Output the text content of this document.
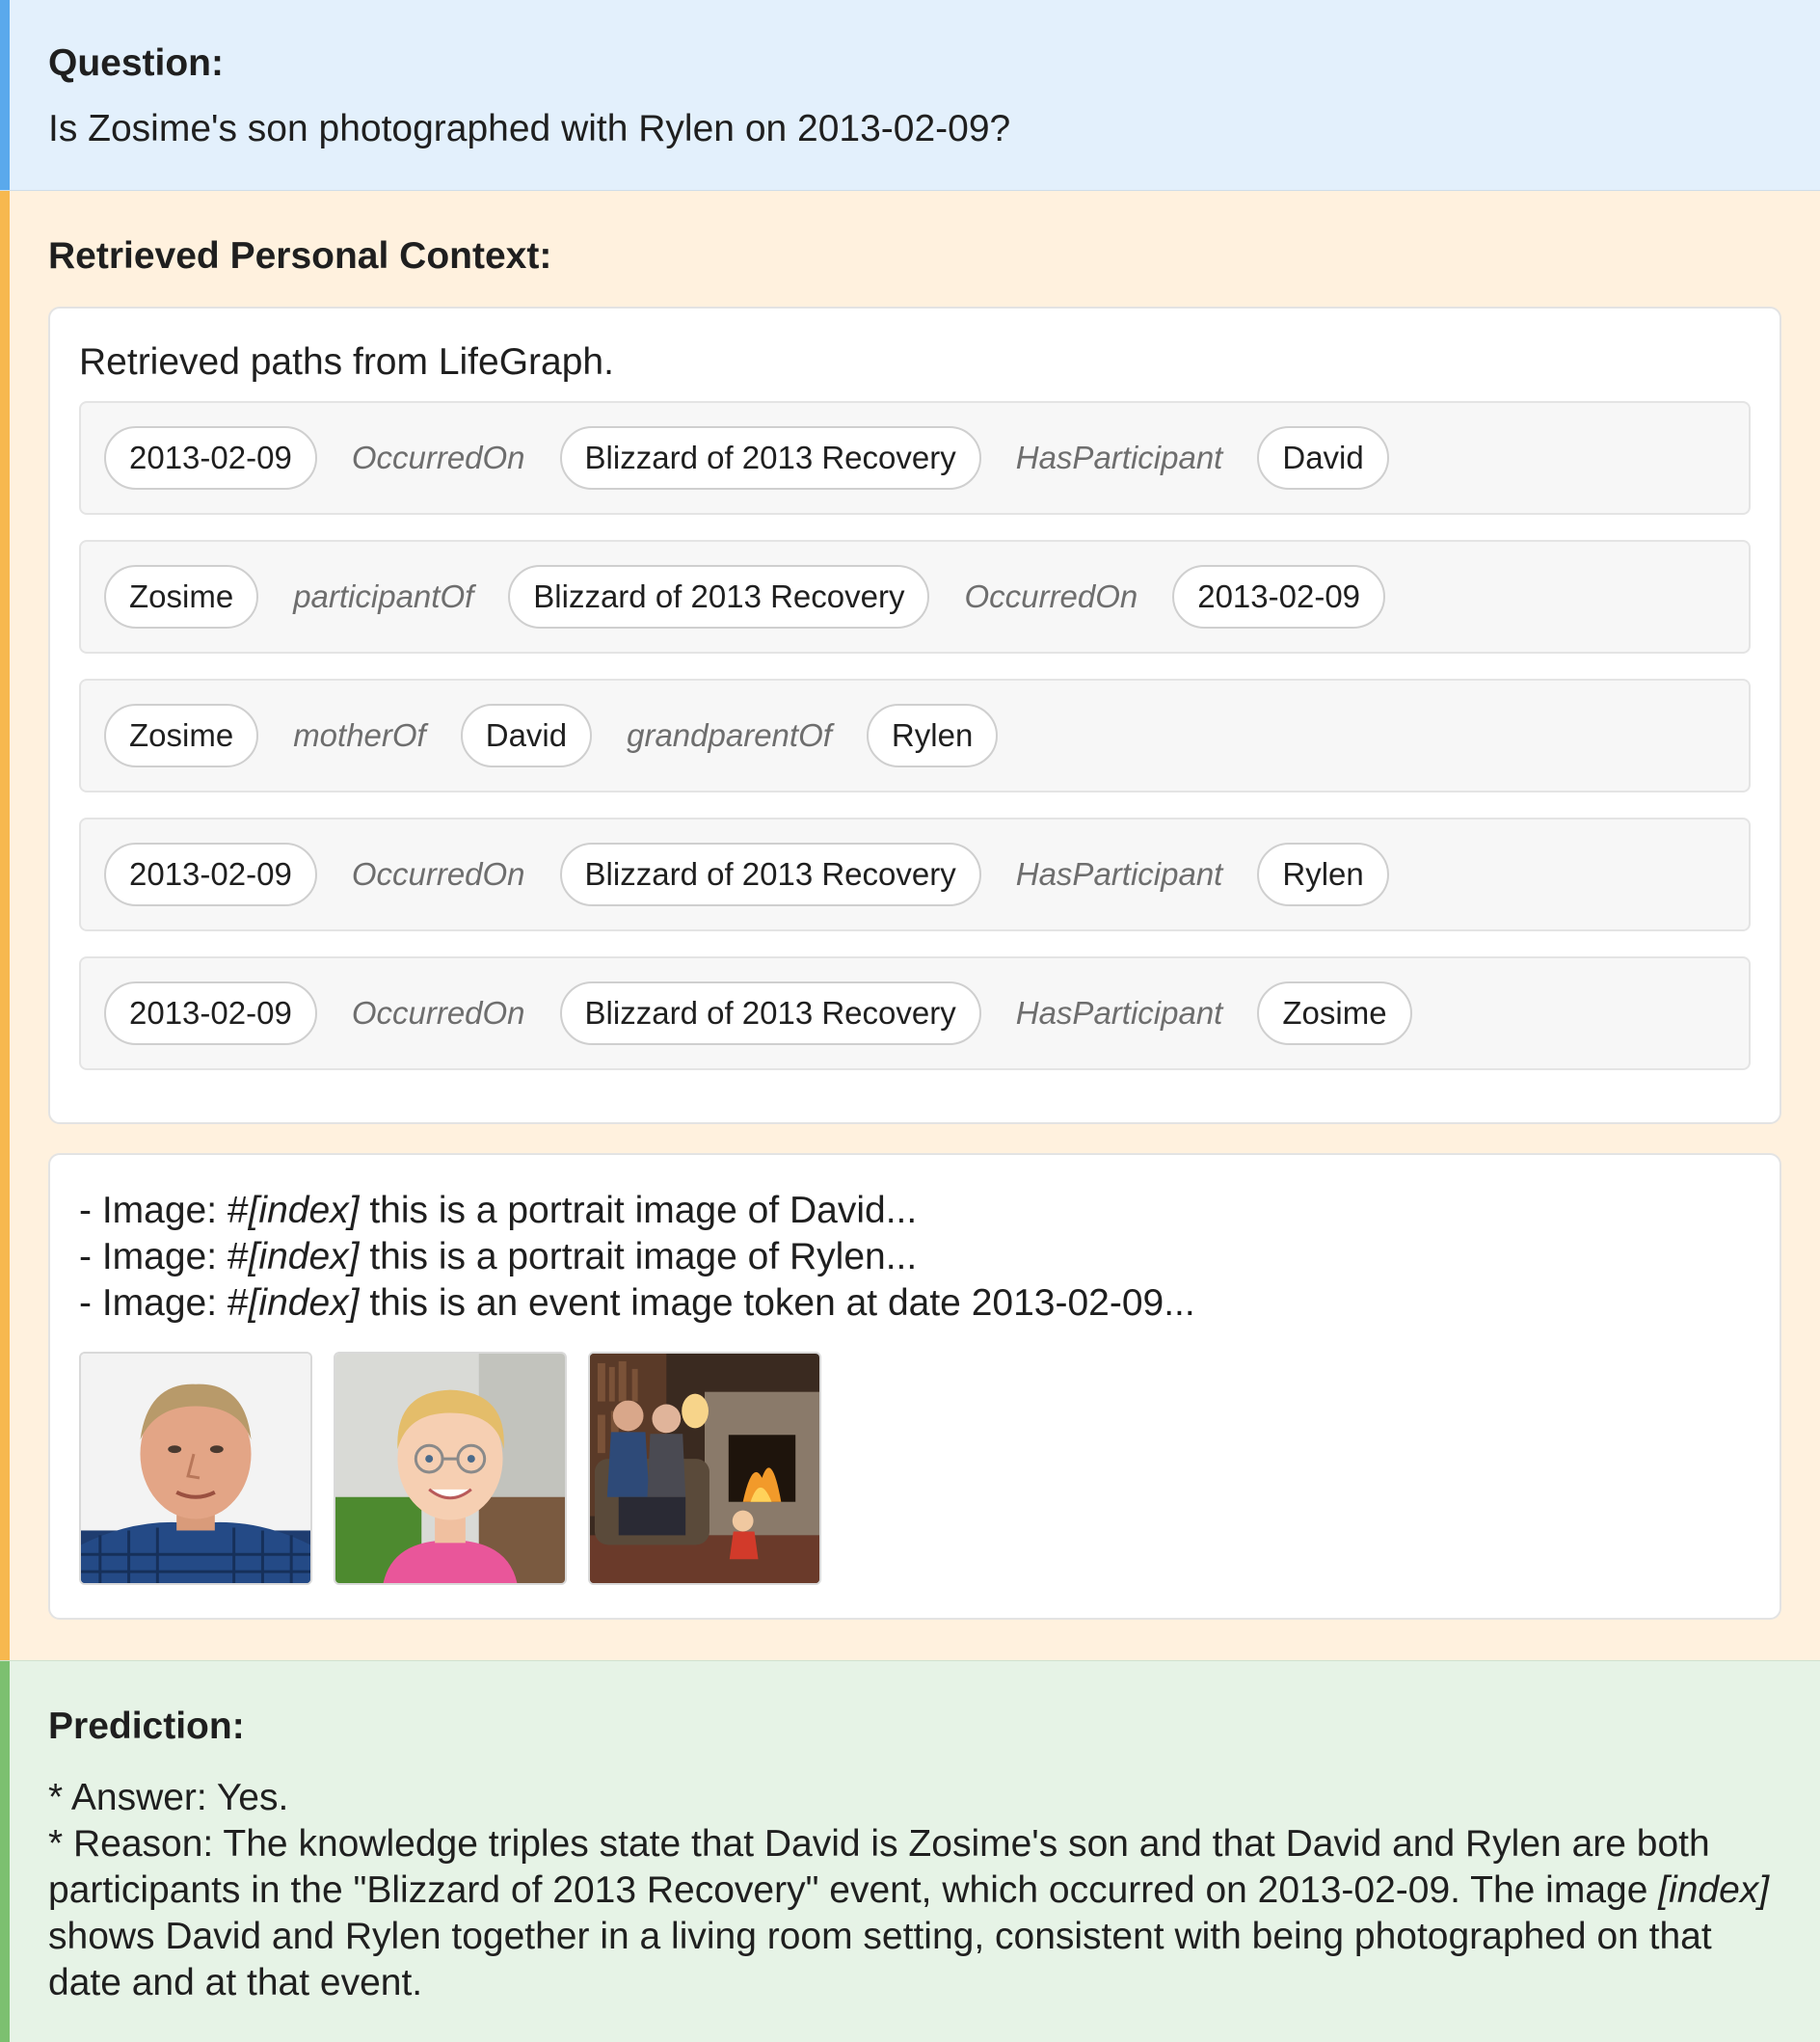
Question:
Is Zosime's son photographed with Rylen on 2013-02-09?
Retrieved Personal Context:
Retrieved paths from LifeGraph.
2013-02-09	OccurredOn	Blizzard of 2013 Recovery	HasParticipant	David
Zosime	participantOf	Blizzard of 2013 Recovery	OccurredOn	2013-02-09
Zosime	motherOf	David	grandparentOf	Rylen
2013-02-09	OccurredOn	Blizzard of 2013 Recovery	HasParticipant	Rylen
2013-02-09	OccurredOn	Blizzard of 2013 Recovery	HasParticipant	Zosime
- Image: #[index] this is a portrait image of David...
- Image: #[index] this is a portrait image of Rylen...
- Image: #[index] this is an event image token at date 2013-02-09...
Prediction:
* Answer: Yes.
* Reason: The knowledge triples state that David is Zosime's son and that David and Rylen are both participants in the "Blizzard of 2013 Recovery" event, which occurred on 2013-02-09. The image [index] shows David and Rylen together in a living room setting, consistent with being photographed on that date and at that event.
